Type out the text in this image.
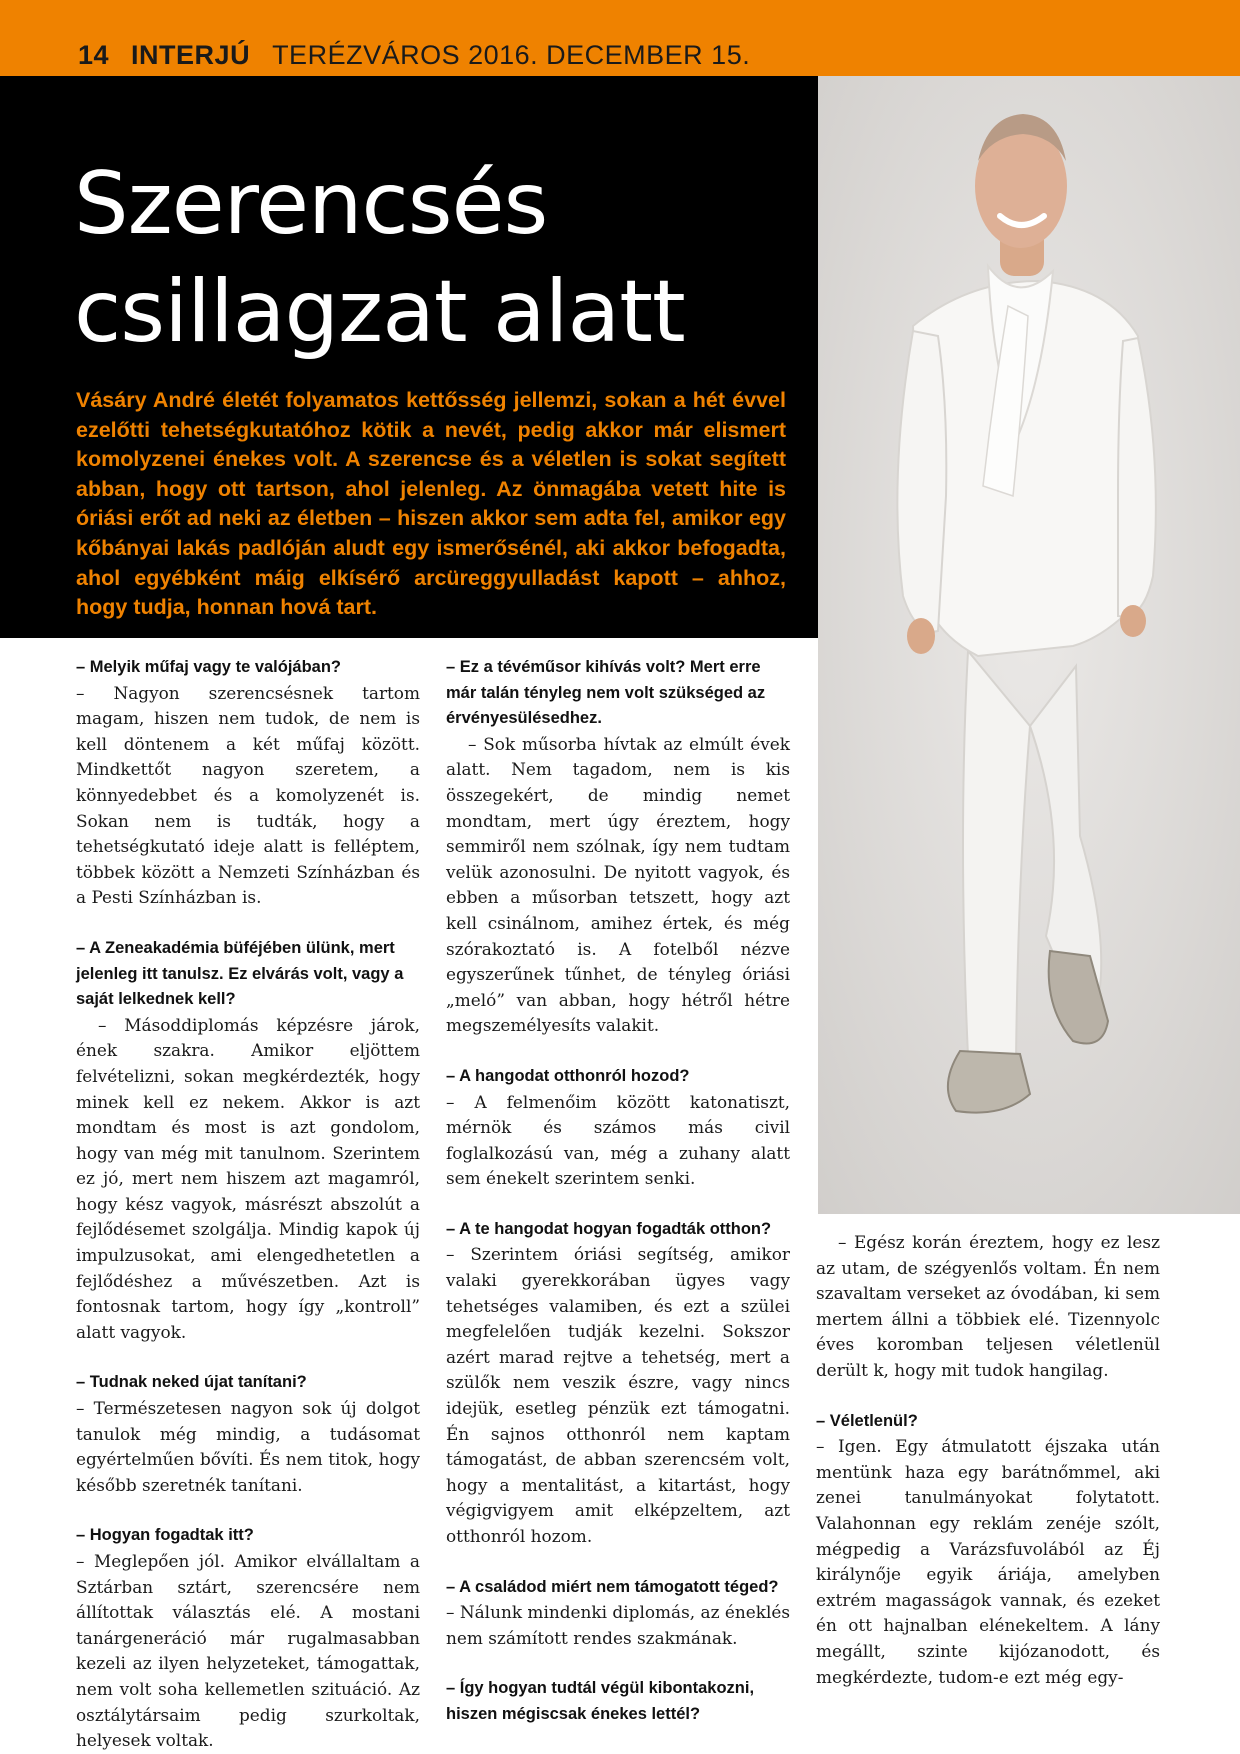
14 INTERJÚ TERÉZVÁROS 2016. DECEMBER 15.
Szerencsés
csillagzat alatt

Vásáry André életét folyamatos kettősség jellemzi, sokan a hét évvel ezelőtti tehetségkutatóhoz kötik a nevét, pedig akkor már elismert komolyzenei énekes volt. A szerencse és a véletlen is sokat segített abban, hogy ott tartson, ahol jelenleg. Az önmagába vetett hite is óriási erőt ad neki az életben – hiszen akkor sem adta fel, amikor egy kőbányai lakás padlóján aludt egy ismerősénél, aki akkor befogadta, ahol egyébként máig elkísérő arcüreggyulladást kapott – ahhoz, hogy tudja, honnan hová tart.

– Melyik műfaj vagy te valójában?

– Nagyon szerencsésnek tartom magam, hiszen nem tudok, de nem is kell döntenem a két műfaj között. Mindkettőt nagyon szeretem, a könnyedebbet és a komolyzenét is. Sokan nem is tudták, hogy a tehetségkutató ideje alatt is felléptem, többek között a Nemzeti Színházban és a Pesti Színházban is.

– A Zeneakadémia büféjében ülünk, mert jelenleg itt tanulsz. Ez elvárás volt, vagy a saját lelkednek kell?

– Másoddiplomás képzésre járok, ének szakra. Amikor eljöttem felvételizni, sokan megkérdezték, hogy minek kell ez nekem. Akkor is azt mondtam és most is azt gondolom, hogy van még mit tanulnom. Szerintem ez jó, mert nem hiszem azt magamról, hogy kész vagyok, másrészt abszolút a fejlődésemet szolgálja. Mindig kapok új impulzusokat, ami elengedhetetlen a fejlődéshez a művészetben. Azt is fontosnak tartom, hogy így „kontroll” alatt vagyok.

– Tudnak neked újat tanítani?

– Természetesen nagyon sok új dolgot tanulok még mindig, a tudásomat egyértelműen bővíti. És nem titok, hogy később szeretnék tanítani.

– Hogyan fogadtak itt?

– Meglepően jól. Amikor elvállaltam a Sztárban sztárt, szerencsére nem állítottak választás elé. A mostani tanárgeneráció már rugalmasabban kezeli az ilyen helyzeteket, támogattak, nem volt soha kellemetlen szituáció. Az osztálytársaim pedig szurkoltak, helyesek voltak.

– Ez a tévéműsor kihívás volt? Mert erre már talán tényleg nem volt szükséged az érvényesülésedhez.

– Sok műsorba hívtak az elmúlt évek alatt. Nem tagadom, nem is kis összegekért, de mindig nemet mondtam, mert úgy éreztem, hogy semmiről nem szólnak, így nem tudtam velük azonosulni. De nyitott vagyok, és ebben a műsorban tetszett, hogy azt kell csinálnom, amihez értek, és még szórakoztató is. A fotelből nézve egyszerűnek tűnhet, de tényleg óriási „meló” van abban, hogy hétről hétre megszemélyesíts valakit.

– A hangodat otthonról hozod?

– A felmenőim között katonatiszt, mérnök és számos más civil foglalkozású van, még a zuhany alatt sem énekelt szerintem senki.

– A te hangodat hogyan fogadták otthon?

– Szerintem óriási segítség, amikor valaki gyerekkorában ügyes vagy tehetséges valamiben, és ezt a szülei megfelelően tudják kezelni. Sokszor azért marad rejtve a tehetség, mert a szülők nem veszik észre, vagy nincs idejük, esetleg pénzük ezt támogatni. Én sajnos otthonról nem kaptam támogatást, de abban szerencsém volt, hogy a mentalitást, a kitartást, hogy végigvigyem amit elképzeltem, azt otthonról hozom.

– A családod miért nem támogatott téged?

– Nálunk mindenki diplomás, az éneklés nem számított rendes szakmának.

– Így hogyan tudtál végül kibontakozni, hiszen mégiscsak énekes lettél?

– Egész korán éreztem, hogy ez lesz az utam, de szégyenlős voltam. Én nem szavaltam verseket az óvodában, ki sem mertem állni a többiek elé. Tizennyolc éves koromban teljesen véletlenül derült k, hogy mit tudok hangilag.

– Véletlenül?

– Igen. Egy átmulatott éjszaka után mentünk haza egy barátnőmmel, aki zenei tanulmányokat folytatott. Valahonnan egy reklám zenéje szólt, mégpedig a Varázsfuvolából az Éj királynője egyik áriája, amelyben extrém magasságok vannak, és ezeket én ott hajnalban elénekeltem. A lány megállt, szinte kijózanodott, és megkérdezte, tudom-e ezt még egy-
